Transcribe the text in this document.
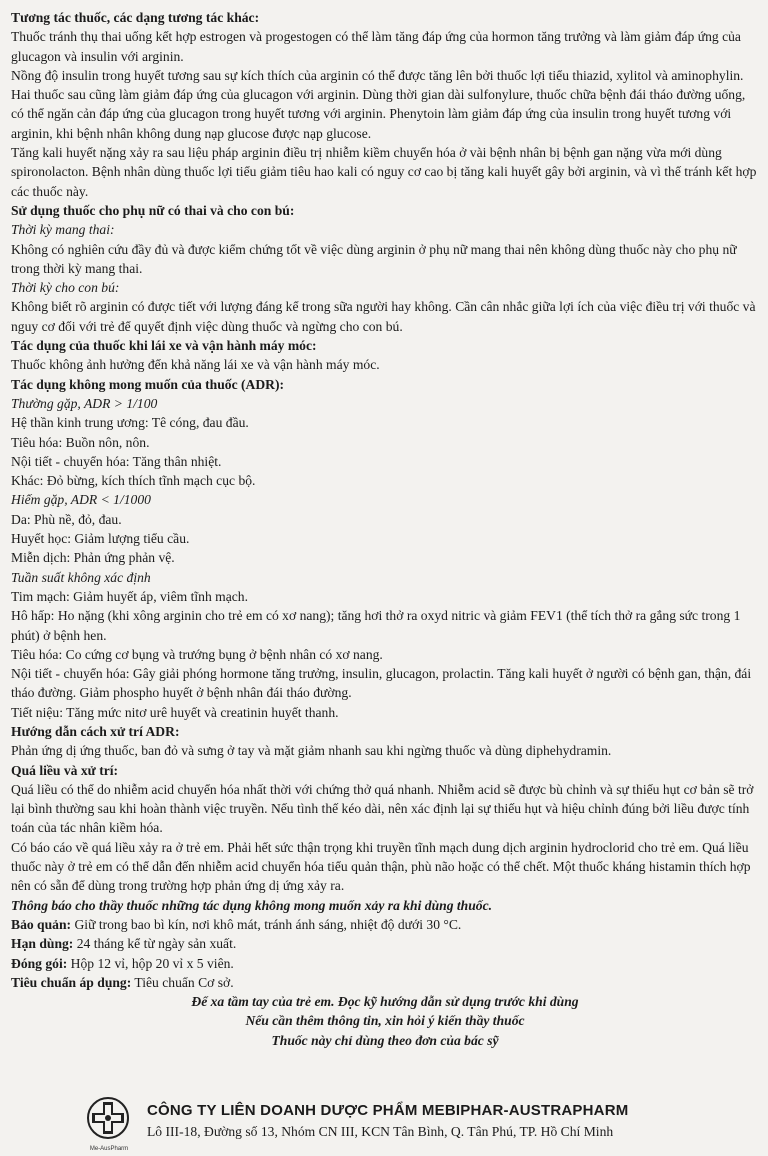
Tương tác thuốc, các dạng tương tác khác:

Thuốc tránh thụ thai uống kết hợp estrogen và progestogen có thể làm tăng đáp ứng của hormon tăng trưởng và làm giảm đáp ứng của glucagon và insulin với arginin.

Nồng độ insulin trong huyết tương sau sự kích thích của arginin có thể được tăng lên bởi thuốc lợi tiểu thiazid, xylitol và aminophylin. Hai thuốc sau cũng làm giảm đáp ứng của glucagon với arginin. Dùng thời gian dài sulfonylure, thuốc chữa bệnh đái tháo đường uống, có thể ngăn cản đáp ứng của glucagon trong huyết tương với arginin. Phenytoin làm giảm đáp ứng của insulin trong huyết tương với arginin, khi bệnh nhân không dung nạp glucose được nạp glucose.

Tăng kali huyết nặng xảy ra sau liệu pháp arginin điều trị nhiễm kiềm chuyển hóa ở vài bệnh nhân bị bệnh gan nặng vừa mới dùng spironolacton. Bệnh nhân dùng thuốc lợi tiểu giảm tiêu hao kali có nguy cơ cao bị tăng kali huyết gây bởi arginin, và vì thế tránh kết hợp các thuốc này.

Sử dụng thuốc cho phụ nữ có thai và cho con bú:

Thời kỳ mang thai:

Không có nghiên cứu đầy đủ và được kiểm chứng tốt về việc dùng arginin ở phụ nữ mang thai nên không dùng thuốc này cho phụ nữ trong thời kỳ mang thai.

Thời kỳ cho con bú:

Không biết rõ arginin có được tiết với lượng đáng kể trong sữa người hay không. Cần cân nhắc giữa lợi ích của việc điều trị với thuốc và nguy cơ đối với trẻ để quyết định việc dùng thuốc và ngừng cho con bú.

Tác dụng của thuốc khi lái xe và vận hành máy móc:

Thuốc không ảnh hưởng đến khả năng lái xe và vận hành máy móc.

Tác dụng không mong muốn của thuốc (ADR):

Thường gặp, ADR > 1/100

Hệ thần kinh trung ương: Tê cóng, đau đầu.

Tiêu hóa: Buồn nôn, nôn.

Nội tiết - chuyển hóa: Tăng thân nhiệt.

Khác: Đỏ bừng, kích thích tĩnh mạch cục bộ.

Hiếm gặp, ADR < 1/1000

Da: Phù nề, đỏ, đau.

Huyết học: Giảm lượng tiểu cầu.

Miễn dịch: Phản ứng phản vệ.

Tuần suất không xác định

Tim mạch: Giảm huyết áp, viêm tĩnh mạch.

Hô hấp: Ho nặng (khi xông arginin cho trẻ em có xơ nang); tăng hơi thở ra oxyd nitric và giảm FEV1 (thể tích thở ra gắng sức trong 1 phút) ở bệnh hen.

Tiêu hóa: Co cứng cơ bụng và trướng bụng ở bệnh nhân có xơ nang.

Nội tiết - chuyển hóa: Gây giải phóng hormone tăng trưởng, insulin, glucagon, prolactin. Tăng kali huyết ở người có bệnh gan, thận, đái tháo đường. Giảm phospho huyết ở bệnh nhân đái tháo đường.

Tiết niệu: Tăng mức nitơ urê huyết và creatinin huyết thanh.

Hướng dẫn cách xử trí ADR:

Phản ứng dị ứng thuốc, ban đỏ và sưng ở tay và mặt giảm nhanh sau khi ngừng thuốc và dùng diphehydramin.

Quá liều và xử trí:

Quá liều có thể do nhiễm acid chuyển hóa nhất thời với chứng thở quá nhanh. Nhiễm acid sẽ được bù chỉnh và sự thiếu hụt cơ bản sẽ trở lại bình thường sau khi hoàn thành việc truyền. Nếu tình thế kéo dài, nên xác định lại sự thiếu hụt và hiệu chỉnh đúng bởi liều được tính toán của tác nhân kiềm hóa.

Có báo cáo về quá liều xảy ra ở trẻ em. Phải hết sức thận trọng khi truyền tĩnh mạch dung dịch arginin hydroclorid cho trẻ em. Quá liều thuốc này ở trẻ em có thể dẫn đến nhiễm acid chuyển hóa tiểu quản thận, phù não hoặc có thể chết. Một thuốc kháng histamin thích hợp nên có sẵn để dùng trong trường hợp phản ứng dị ứng xảy ra.

Thông báo cho thầy thuốc những tác dụng không mong muốn xảy ra khi dùng thuốc.

Bảo quản: Giữ trong bao bì kín, nơi khô mát, tránh ánh sáng, nhiệt độ dưới 30 °C.

Hạn dùng: 24 tháng kể từ ngày sản xuất.

Đóng gói: Hộp 12 vỉ, hộp 20 vỉ x 5 viên.

Tiêu chuẩn áp dụng: Tiêu chuẩn Cơ sở.

Để xa tầm tay của trẻ em. Đọc kỹ hướng dẫn sử dụng trước khi dùng

Nếu cần thêm thông tin, xin hỏi ý kiến thầy thuốc

Thuốc này chỉ dùng theo đơn của bác sỹ

Me-AusPharm
CÔNG TY LIÊN DOANH DƯỢC PHẨM MEBIPHAR-AUSTRAPHARM
Lô III-18, Đường số 13, Nhóm CN III, KCN Tân Bình, Q. Tân Phú, TP. Hồ Chí Minh
